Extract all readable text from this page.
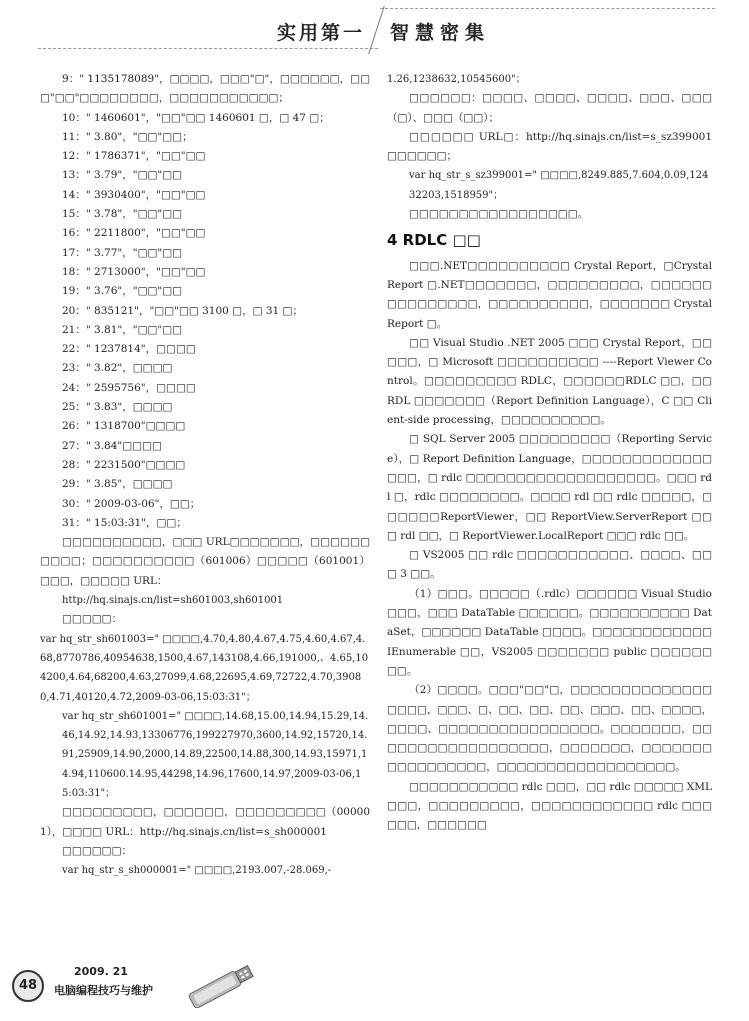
实用第一 智慧密集
9：" 1135178089"，□□□□，□□□"□"，□□□□□□，□□□"□□"□□□□□□□□，□□□□□□□□□□□；
10：" 1460601"，"□□"□□ 1460601 □，□ 47 □；
11：" 3.80"，"□□"□□；
12：" 1786371"，"□□"□□
13：" 3.79"，"□□"□□
14：" 3930400"，"□□"□□
15：" 3.78"，"□□"□□
16：" 2211800"，"□□"□□
17：" 3.77"，"□□"□□
18：" 2713000"，"□□"□□
19：" 3.76"，"□□"□□
20：" 835121"，"□□"□□ 3100 □，□ 31 □；
21：" 3.81"，"□□"□□
22：" 1237814"，□□□□
23：" 3.82"，□□□□
24：" 2595756"，□□□□
25：" 3.83"，□□□□
26：" 1318700"□□□□
27：" 3.84"□□□□
28：" 2231500"□□□□
29：" 3.85"，□□□□
30：" 2009-03-06"，□□；
31：" 15:03:31"，□□；
□□□□□□□□□□，□□□ URL□□□□□□□，□□□□□□□□□□；□□□□□□□□□□（601006）□□□□□（601001）□□□，□□□□□ URL：
http://hq.sinajs.cn/list=sh601003,sh601001
□□□□□：
var hq_str_sh601003=" □□□□,4.70,4.80,4.67,4.75,4.60,4.67,4.68,8770786,40954638,1500,4.67,143108,4.66,191000,、4.65,104200,4.64,68200,4.63,27099,4.68,22695,4.69,72722,4.70,39080,4.71,40120,4.72,2009-03-06,15:03:31"；
var hq_str_sh601001=" □□□□,14.68,15.00,14.94,15.29,14.46,14.92,14.93,13306776,199227970,3600,14.92,15720,14.91,25909,14.90,2000,14.89,22500,14.88,300,14.93,15971,14.94,110600.14.95,44298,14.96,17600,14.97,2009-03-06,15:03:31"；
□□□□□□□□□，□□□□□□，□□□□□□□□□（000001），□□□□ URL：http://hq.sinajs.cn/list=s_sh000001
□□□□□□：
var hq_str_s_sh000001=" □□□□,2193.007,-28.069,-
1.26,1238632,10545600"；
□□□□□□：□□□□、□□□□、□□□□、□□□、□□□（□）、□□□（□□）；
□□□□□□ URL□：http://hq.sinajs.cn/list=s_sz399001 □□□□□□；
var hq_str_s_sz399001=" □□□□,8249.885,7.604,0.09,12432203,1518959"；
□□□□□□□□□□□□□□□□□。
4 RDLC □□
□□□.NET□□□□□□□□□□ Crystal Report，□Crystal Report □.NET□□□□□□□，□□□□□□□□□，□□□□□□□□□□□□□□□，□□□□□□□□□□，□□□□□□□ Crystal Report □。
□□ Visual Studio .NET 2005 □□□ Crystal Report，□□□□□，□ Microsoft □□□□□□□□□□ ----Report Viewer Control。□□□□□□□□□ RDLC，□□□□□□RDLC □□，□□ RDL □□□□□□□（Report Definition Language），C □□ Client-side processing，□□□□□□□□□□。
□ SQL Server 2005 □□□□□□□□□（Reporting Service），□ Report Definition Language，□□□□□□□□□□□□□□□□，□ rdlc □□□□□□□□□□□□□□□□□□□。□□□ rdl □，rdlc □□□□□□□□。□□□□ rdl □□ rdlc □□□□□，□□□□□□ReportViewer，□□ ReportView.ServerReport □□□ rdl □□，□ ReportViewer.LocalReport □□□ rdlc □□。
□ VS2005 □□ rdlc □□□□□□□□□□□、□□□□、□□□ 3 □□。
（1）□□□。□□□□□（.rdlc）□□□□□□ Visual Studio □□□，□□□ DataTable □□□□□□。□□□□□□□□□□ DataSet，□□□□□□ DataTable □□□□。□□□□□□□□□□□□ IEnumerable □□，VS2005 □□□□□□□ public □□□□□□□□。
（2）□□□□。□□□"□□"□，□□□□□□□□□□□□□□□□□□，□□□、□、□□、□□、□□、□□□、□□、□□□□，□□□□、□□□□□□□□□□□□□□□□。□□□□□□□，□□□□□□□□□□□□□□□□□□，□□□□□□□，□□□□□□□□□□□□□□□□□，□□□□□□□□□□□□□□□□□□。
□□□□□□□□□□□ rdlc □□□，□□ rdlc □□□□□ XML□□□，□□□□□□□□□，□□□□□□□□□□□□ rdlc □□□□□□，□□□□□□
48
2009. 21
电脑编程技巧与维护
